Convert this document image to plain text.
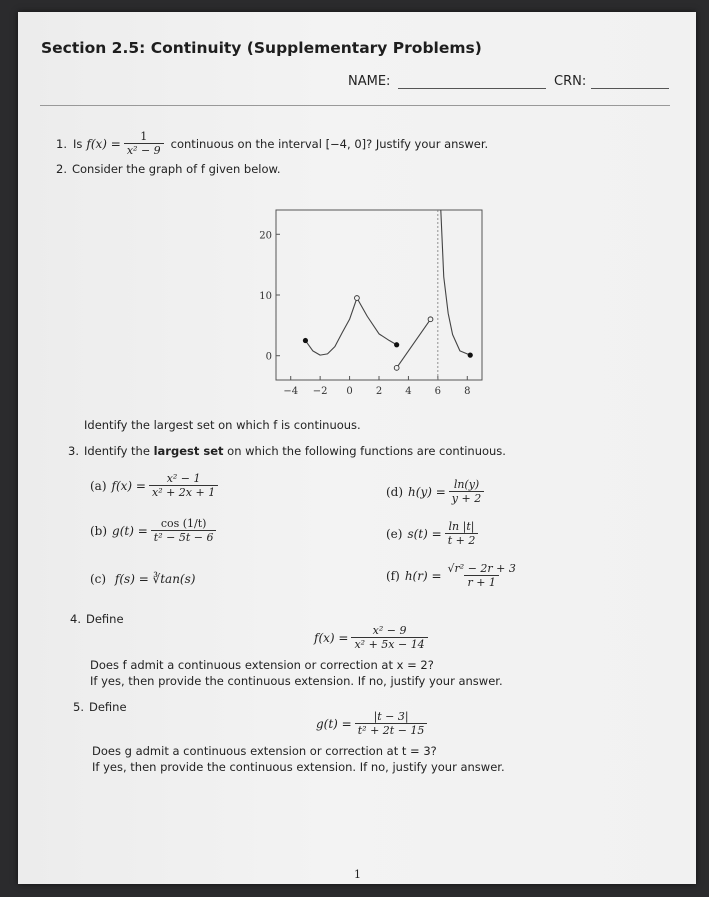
Section 2.5: Continuity (Supplementary Problems)
NAME:	CRN:
1. Is $f(x) = \frac{1}{\text{x² − 9}}$ continuous on the interval [−4, 0]? Justify your answer.
2. Consider the graph of f given below.
−4 −2 0 2 4 6 8
0
10
20
Identify the largest set on which f is continuous.
3. Identify the largest set on which the following functions are continuous.
(a) $f(x) = \frac{\text{x² − 1}}{\text{x² + 2x + 1}}$
(b) $g(t) = \frac{\cos (1/t)}{\text{t² − 5t − 6}}$
(c) f(s) = ∛tan(s)
(d) $h(y) = \frac{\ln(y)}{y + 2}$
(e) $s(t) = \frac{\ln |t|}{t + 2}$
(f) $h(r) = \frac{\text{√r² − 2r + 3}}{r + 1}$
4. Define
$f(x) = \frac{\text{x² − 9}}{\text{x² + 5x − 14}}$
Does f admit a continuous extension or correction at x = 2?
If yes, then provide the continuous extension. If no, justify your answer.
5. Define
$g(t) = \frac{|t - 3|}{\text{t² + 2t − 15}}$
Does g admit a continuous extension or correction at t = 3?
If yes, then provide the continuous extension. If no, justify your answer.
1
